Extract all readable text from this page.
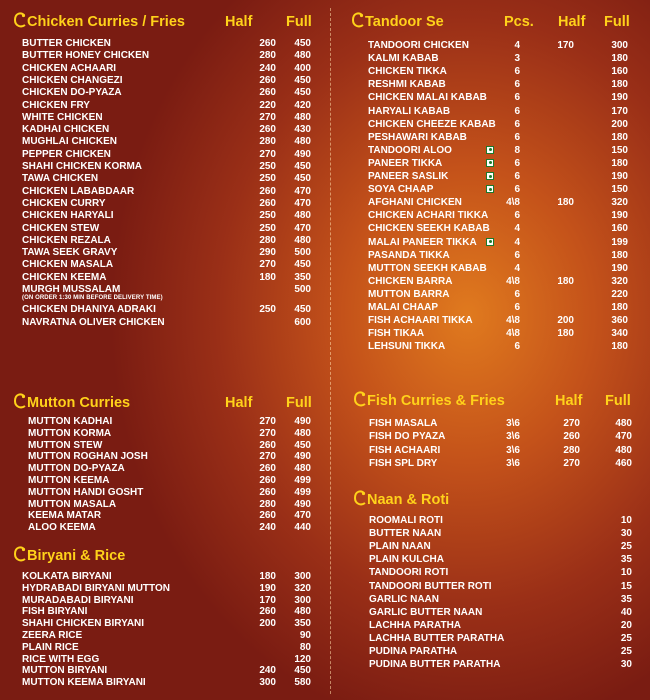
Chicken Curries / Fries	Half Full
BUTTER CHICKEN	260 450
BUTTER HONEY CHICKEN	280 480
CHICKEN ACHAARI	240 400
CHICKEN CHANGEZI	260 450
CHICKEN DO-PYAZA	260 450
CHICKEN FRY	220 420
WHITE CHICKEN	270 480
KADHAI CHICKEN	260 430
MUGHLAI CHICKEN	280 480
PEPPER CHICKEN	270 490
SHAHI CHICKEN KORMA	250 450
TAWA CHICKEN	250 450
CHICKEN LABABDAAR	260 470
CHICKEN CURRY	260 470
CHICKEN HARYALI	250 480
CHICKEN STEW	250 470
CHICKEN REZALA	280 480
TAWA SEEK GRAVY	290 500
CHICKEN MASALA	270 450
CHICKEN KEEMA	180 350
MURGH MUSSALAM	500
(ON ORDER 1:30 MIN BEFORE DELIVERY TIME)
CHICKEN DHANIYA ADRAKI	250 450
NAVRATNA OLIVER CHICKEN	600
Mutton Curries	Half Full
MUTTON KADHAI	270 490
MUTTON KORMA	270 480
MUTTON STEW	260 450
MUTTON ROGHAN JOSH	270 490
MUTTON DO-PYAZA	260 480
MUTTON KEEMA	260 499
MUTTON HANDI GOSHT	260 499
MUTTON MASALA	280 490
KEEMA MATAR	260 470
ALOO KEEMA	240 440
Biryani & Rice
KOLKATA BIRYANI	180 300
HYDRABADI BIRYANI MUTTON	190 320
MURADABADI BIRYANI	170 300
FISH BIRYANI	260 480
SHAHI CHICKEN BIRYANI	200 350
ZEERA RICE	90
PLAIN RICE	80
RICE WITH EGG	120
MUTTON BIRYANI	240 450
MUTTON KEEMA BIRYANI	300 580
Tandoor Se	Pcs. Half Full
TANDOORI CHICKEN	4	170	300
KALMI KABAB	3	180
CHICKEN TIKKA	6	160
RESHMI KABAB	6	180
CHICKEN MALAI KABAB	6	190
HARYALI KABAB	6	170
CHICKEN CHEEZE KABAB 6	200
PESHAWARI KABAB	6	180
TANDOORI ALOO	8	150
PANEER TIKKA	6	180
PANEER SASLIK	6	190
SOYA CHAAP	6	150
AFGHANI CHICKEN	4\8	180	320
CHICKEN ACHARI TIKKA	6	190
CHICKEN SEEKH KABAB 4	160
MALAI PANEER TIKKA	4	199
PASANDA TIKKA	6	180
MUTTON SEEKH KABAB	4	190
CHICKEN BARRA	4\8	180	320
MUTTON BARRA	6	220
MALAI CHAAP	6	180
FISH ACHAARI TIKKA	4\8	200	360
FISH TIKAA	4\8	180	340
LEHSUNI TIKKA	6	180
Fish Curries & Fries	Half Full
FISH MASALA	3\6	270	480
FISH DO PYAZA	3\6	260	470
FISH ACHAARI	3\6	280	480
FISH SPL DRY	3\6	270	460
Naan & Roti
ROOMALI ROTI	10
BUTTER NAAN	30
PLAIN NAAN	25
PLAIN KULCHA	35
TANDOORI ROTI	10
TANDOORI BUTTER ROTI	15
GARLIC NAAN	35
GARLIC BUTTER NAAN	40
LACHHA PARATHA	20
LACHHA BUTTER PARATHA	25
PUDINA PARATHA	25
PUDINA BUTTER PARATHA	30
